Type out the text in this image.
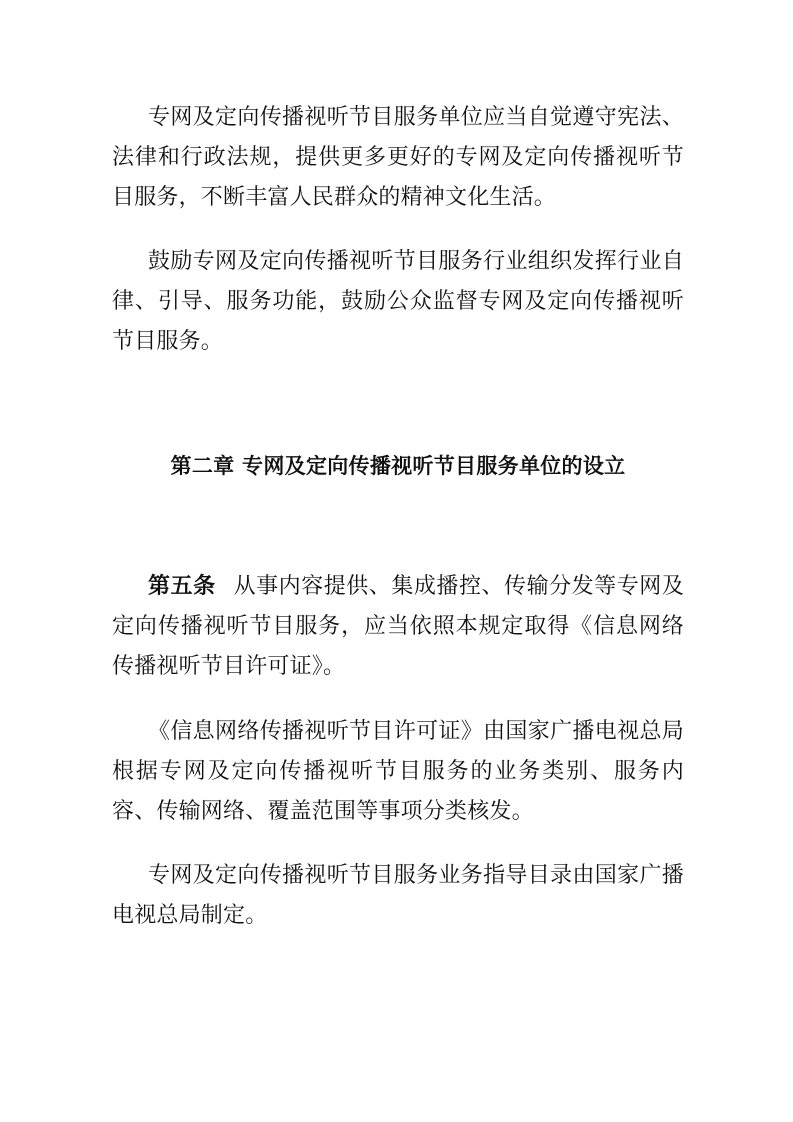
专网及定向传播视听节目服务单位应当自觉遵守宪法、法律和行政法规，提供更多更好的专网及定向传播视听节目服务，不断丰富人民群众的精神文化生活。

鼓励专网及定向传播视听节目服务行业组织发挥行业自律、引导、服务功能，鼓励公众监督专网及定向传播视听节目服务。

第二章 专网及定向传播视听节目服务单位的设立

第五条 从事内容提供、集成播控、传输分发等专网及定向传播视听节目服务，应当依照本规定取得《信息网络传播视听节目许可证》。

《信息网络传播视听节目许可证》由国家广播电视总局根据专网及定向传播视听节目服务的业务类别、服务内容、传输网络、覆盖范围等事项分类核发。

专网及定向传播视听节目服务业务指导目录由国家广播电视总局制定。
